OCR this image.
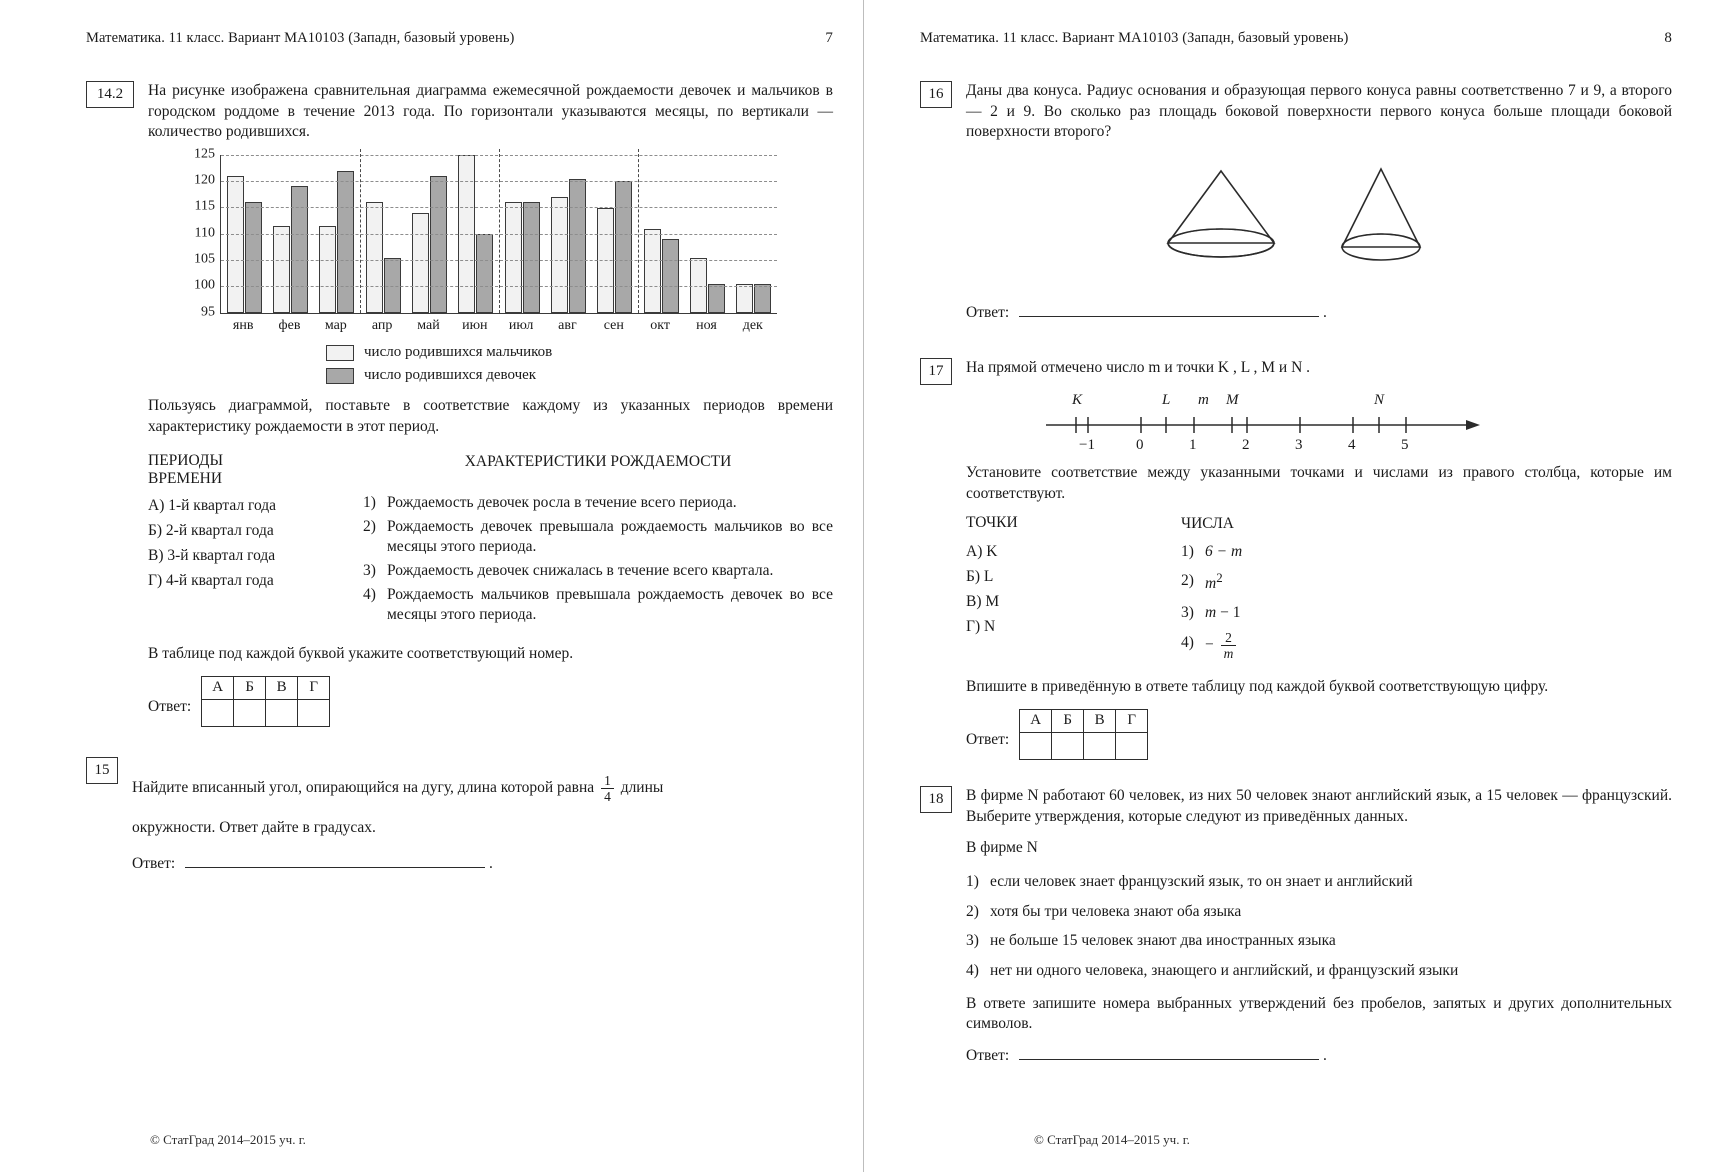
Математика. 11 класс. Вариант МА10103 (Западн, базовый уровень)	7
14.2	На рисунке изображена сравнительная диаграмма ежемесячной рождаемости девочек и мальчиков в городском роддоме в течение 2013 года. По горизонтали указываются месяцы, по вертикали — количество родившихся.

95
100
105
110
115
120
125
янв	фев	мар	апр	май	июн	июл	авг	сен	окт	ноя	дек
число родившихся мальчиков
число родившихся девочек

Пользуясь диаграммой, поставьте в соответствие каждому из указанных периодов времени характеристику рождаемости в этот период.

ПЕРИОДЫ
ВРЕМЕНИ
ХАРАКТЕРИСТИКИ РОЖДАЕМОСТИ
А) 1-й квартал года
Б) 2-й квартал года
В) 3-й квартал года
Г) 4-й квартал года
1) Рождаемость девочек росла в течение всего периода.
2) Рождаемость девочек превышала рождаемость мальчиков во все месяцы этого периода.
3) Рождаемость девочек снижалась в течение всего квартала.
4) Рождаемость мальчиков превышала рождаемость девочек во все месяцы этого периода.

В таблице под каждой буквой укажите соответствующий номер.

Ответ:
А	Б	В	Г

15

Найдите вписанный угол, опирающийся на дугу, длина которой равна $\frac{1}{4}$ длины

окружности. Ответ дайте в градусах.

Ответ:	.
© СтатГрад 2014–2015 уч. г.
Математика. 11 класс. Вариант МА10103 (Западн, базовый уровень)	8
16	Даны два конуса. Радиус основания и образующая первого конуса равны соответственно 7 и 9, а второго — 2 и 9. Во сколько раз площадь боковой поверхности первого конуса больше площади боковой поверхности второго?

Ответ:	.
17	На прямой отмечено число m и точки K , L , M и N .

K	L m M	N
−1	0	1	2	3	4	5

Установите соответствие между указанными точками и числами из правого столбца, которые им соответствуют.

ТОЧКИ	ЧИСЛА
А) K
Б) L
В) M
Г) N
1) 6 − m
2) $m^2$
3) m − 1
$4) - \frac{2}{m}$

Впишите в приведённую в ответе таблицу под каждой буквой соответствующую цифру.

Ответ:
А	Б	В	Г

18	В фирме N работают 60 человек, из них 50 человек знают английский язык, а 15 человек — французский. Выберите утверждения, которые следуют из приведённых данных.

В фирме N

1) если человек знает французский язык, то он знает и английский
2) хотя бы три человека знают оба языка
3) не больше 15 человек знают два иностранных языка
4) нет ни одного человека, знающего и английский, и французский языки

В ответе запишите номера выбранных утверждений без пробелов, запятых и других дополнительных символов.

Ответ:	.
© СтатГрад 2014–2015 уч. г.
